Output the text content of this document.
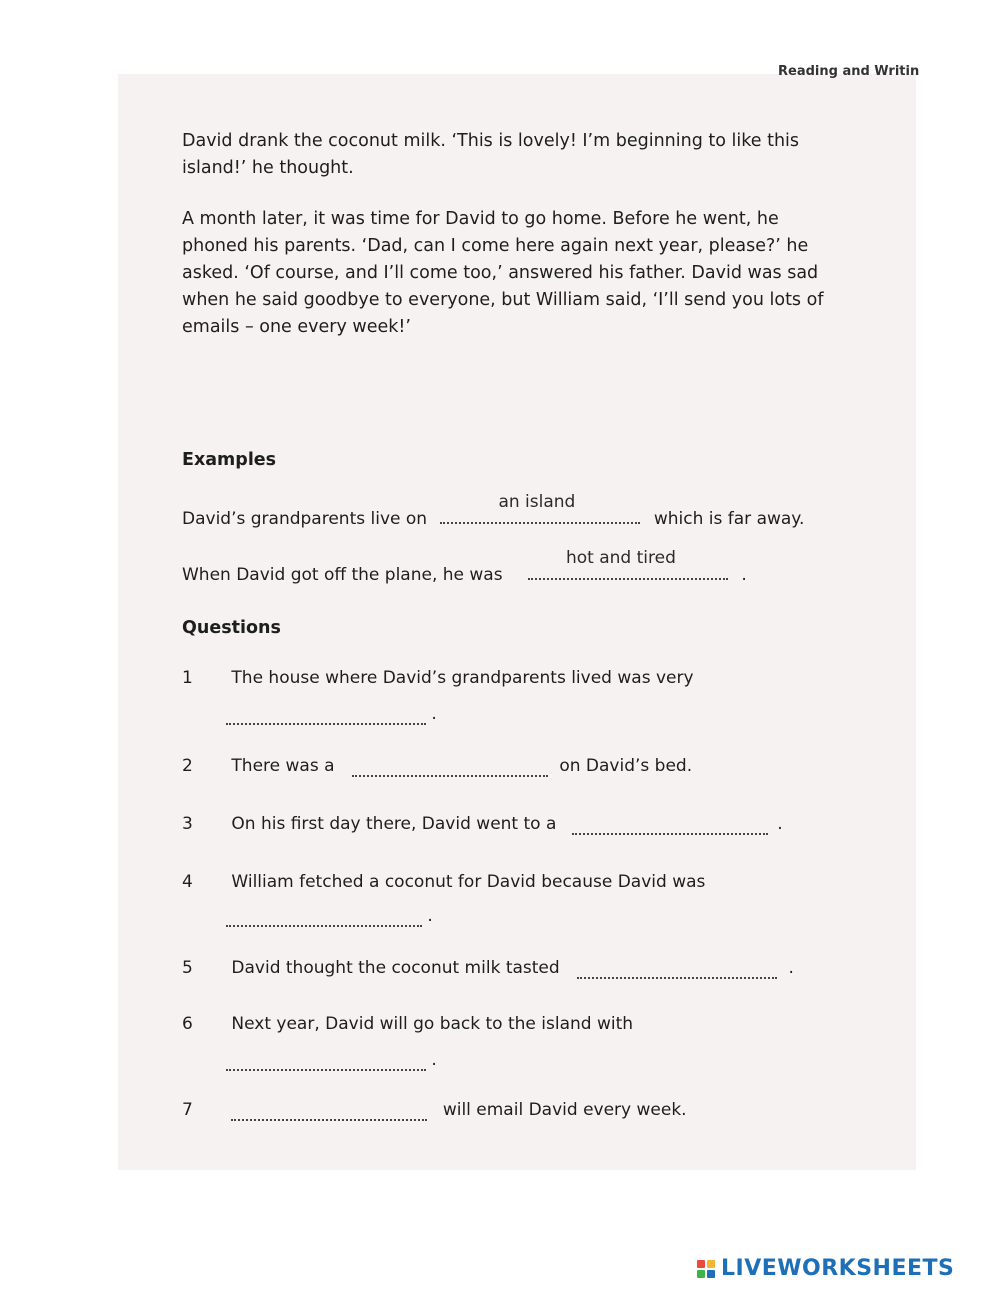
Reading and Writin
David drank the coconut milk. ‘This is lovely! I’m beginning to like this island!’ he thought.
A month later, it was time for David to go home. Before he went, he phoned his parents. ‘Dad, can I come here again next year, please?’ he asked. ‘Of course, and I’ll come too,’ answered his father. David was sad when he said goodbye to everyone, but William said, ‘I’ll send you lots of emails – one every week!’
Examples
David’s grandparents live on
an island
which is far away.
When David got off the plane, he was
hot and tired
.
Questions
1 The house where David’s grandparents lived was very
.
2 There was a	on David’s bed.
3 On his first day there, David went to a	.
4 William fetched a coconut for David because David was
.
5 David thought the coconut milk tasted	.
6 Next year, David will go back to the island with
.
7	will email David every week.
LIVEWORKSHEETS
